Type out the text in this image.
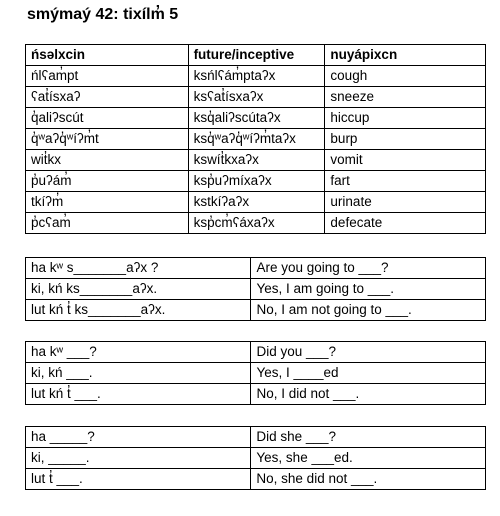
smýmaý 42: tixílm̓ 5
ńsəlxcin	future/inceptive	nuyápixcn
ńlʕam̓pt	ksńlʕám̓ptaʔx	cough
ʕat̓ísxaʔ	ksʕat̓ísxaʔx	sneeze
q̓aliʔscút	ksq̓aliʔscútaʔx	hiccup
q̓ʷaʔq̓ʷíʔm̓t	ksq̓ʷaʔq̓ʷíʔm̓taʔx	burp
wit̓kx	kswít̓kxaʔx	vomit
p̓uʔám̓	ksp̓uʔmíxaʔx	fart
tkíʔm̓	kstkíʔaʔx	urinate
p̓cʕam̓	ksp̓cm̓ʕáxaʔx	defecate
ha kʷ s_______aʔx ?	Are you going to ___?
ki, kń ks_______aʔx.	Yes, I am going to ___.
lut kń t̓ ks_______aʔx.	No, I am not going to ___.
ha kʷ ___?	Did you ___?
ki, kń ___.	Yes, I ____ed
lut kń t̓ ___.	No, I did not ___.
ha _____?	Did she ___?
ki, _____.	Yes, she ___ed.
lut t̓ ___.	No, she did not ___.
